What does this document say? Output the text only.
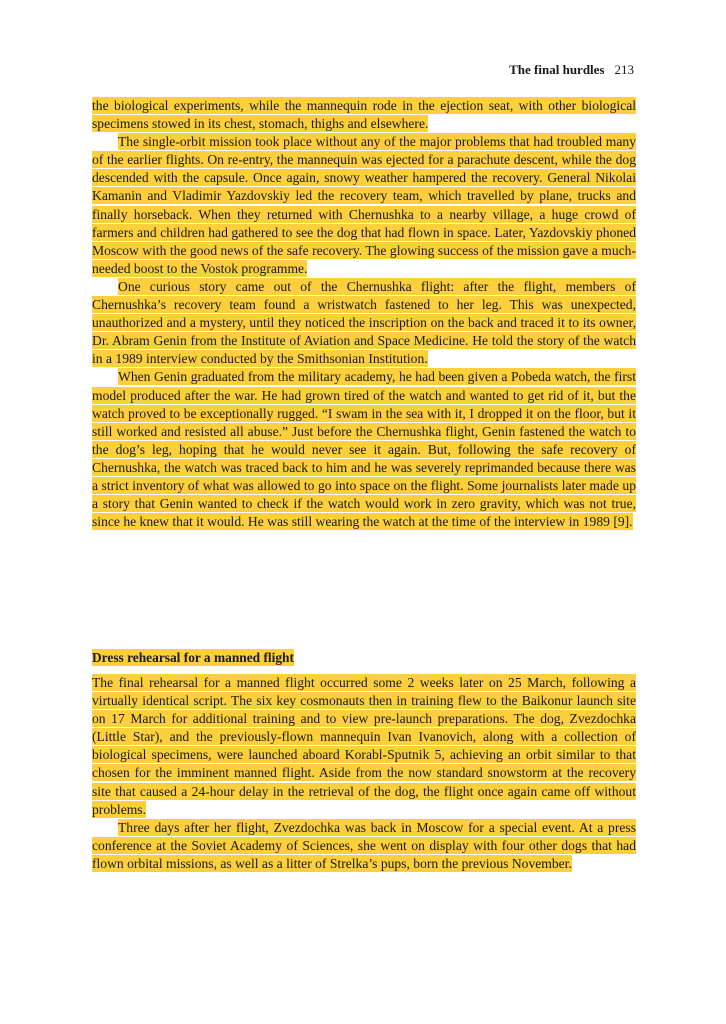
The final hurdles 213

the biological experiments, while the mannequin rode in the ejection seat, with other biological specimens stowed in its chest, stomach, thighs and elsewhere.

The single-orbit mission took place without any of the major problems that had troubled many of the earlier flights. On re-entry, the mannequin was ejected for a parachute descent, while the dog descended with the capsule. Once again, snowy weather hampered the recovery. General Nikolai Kamanin and Vladimir Yazdovskiy led the recovery team, which travelled by plane, trucks and finally horseback. When they returned with Chernushka to a nearby village, a huge crowd of farmers and children had gathered to see the dog that had flown in space. Later, Yazdovskiy phoned Moscow with the good news of the safe recovery. The glowing success of the mission gave a much-needed boost to the Vostok programme.

One curious story came out of the Chernushka flight: after the flight, members of Chernushka’s recovery team found a wristwatch fastened to her leg. This was unexpected, unauthorized and a mystery, until they noticed the inscription on the back and traced it to its owner, Dr. Abram Genin from the Institute of Aviation and Space Medicine. He told the story of the watch in a 1989 interview conducted by the Smithsonian Institution.

When Genin graduated from the military academy, he had been given a Pobeda watch, the first model produced after the war. He had grown tired of the watch and wanted to get rid of it, but the watch proved to be exceptionally rugged. “I swam in the sea with it, I dropped it on the floor, but it still worked and resisted all abuse.” Just before the Chernushka flight, Genin fastened the watch to the dog’s leg, hoping that he would never see it again. But, following the safe recovery of Chernushka, the watch was traced back to him and he was severely reprimanded because there was a strict inventory of what was allowed to go into space on the flight. Some journalists later made up a story that Genin wanted to check if the watch would work in zero gravity, which was not true, since he knew that it would. He was still wearing the watch at the time of the interview in 1989 [9].

Dress rehearsal for a manned flight

The final rehearsal for a manned flight occurred some 2 weeks later on 25 March, following a virtually identical script. The six key cosmonauts then in training flew to the Baikonur launch site on 17 March for additional training and to view pre-launch preparations. The dog, Zvezdochka (Little Star), and the previously-flown mannequin Ivan Ivanovich, along with a collection of biological specimens, were launched aboard Korabl-Sputnik 5, achieving an orbit similar to that chosen for the imminent manned flight. Aside from the now standard snowstorm at the recovery site that caused a 24-hour delay in the retrieval of the dog, the flight once again came off without problems.

Three days after her flight, Zvezdochka was back in Moscow for a special event. At a press conference at the Soviet Academy of Sciences, she went on display with four other dogs that had flown orbital missions, as well as a litter of Strelka’s pups, born the previous November.
